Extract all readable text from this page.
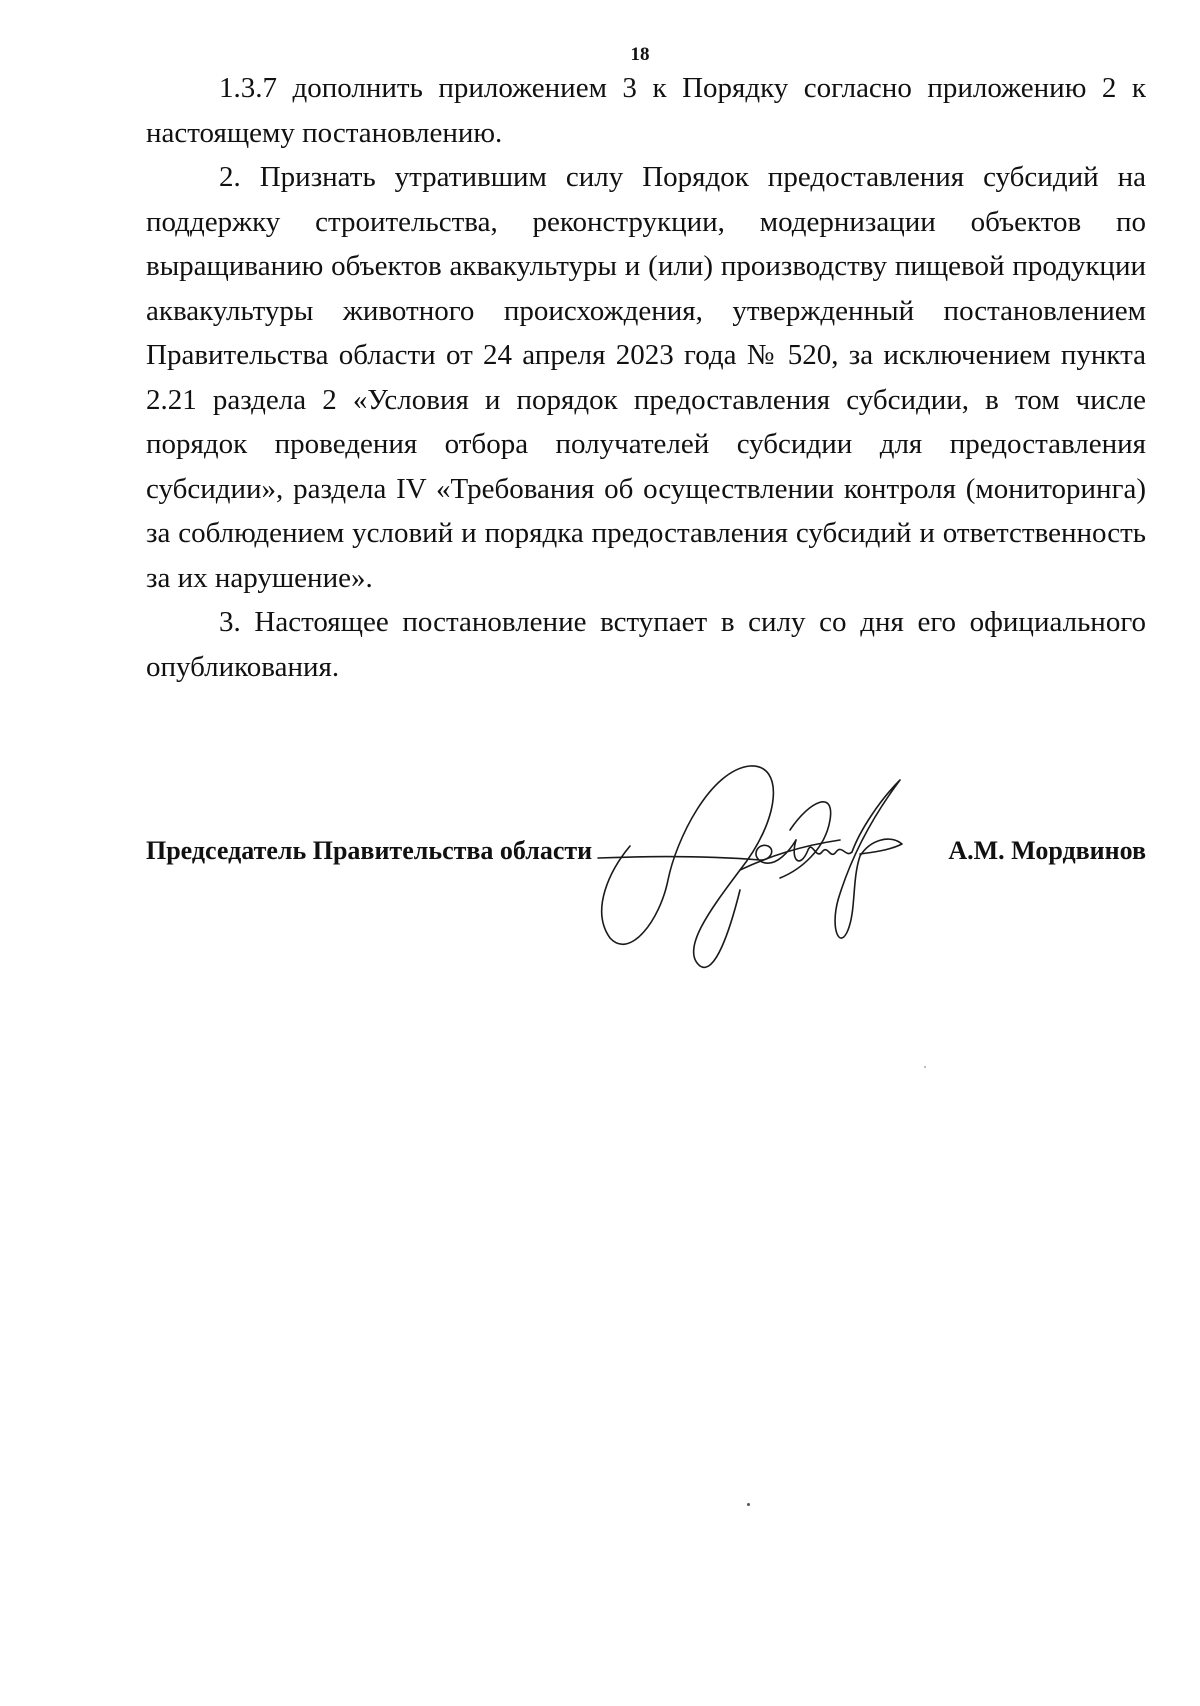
18

1.3.7 дополнить приложением 3 к Порядку согласно приложению 2 к настоящему постановлению.

2. Признать утратившим силу Порядок предоставления субсидий на поддержку строительства, реконструкции, модернизации объектов по выращиванию объектов аквакультуры и (или) производству пищевой продукции аквакультуры животного происхождения, утвержденный постановлением Правительства области от 24 апреля 2023 года № 520, за исключением пункта 2.21 раздела 2 «Условия и порядок предоставления субсидии, в том числе порядок проведения отбора получателей субсидии для предоставления субсидии», раздела IV «Требования об осуществлении контроля (мониторинга) за соблюдением условий и порядка предоставления субсидий и ответственность за их нарушение».

3. Настоящее постановление вступает в силу со дня его официального опубликования.

Председатель Правительства области	А.М. Мордвинов
